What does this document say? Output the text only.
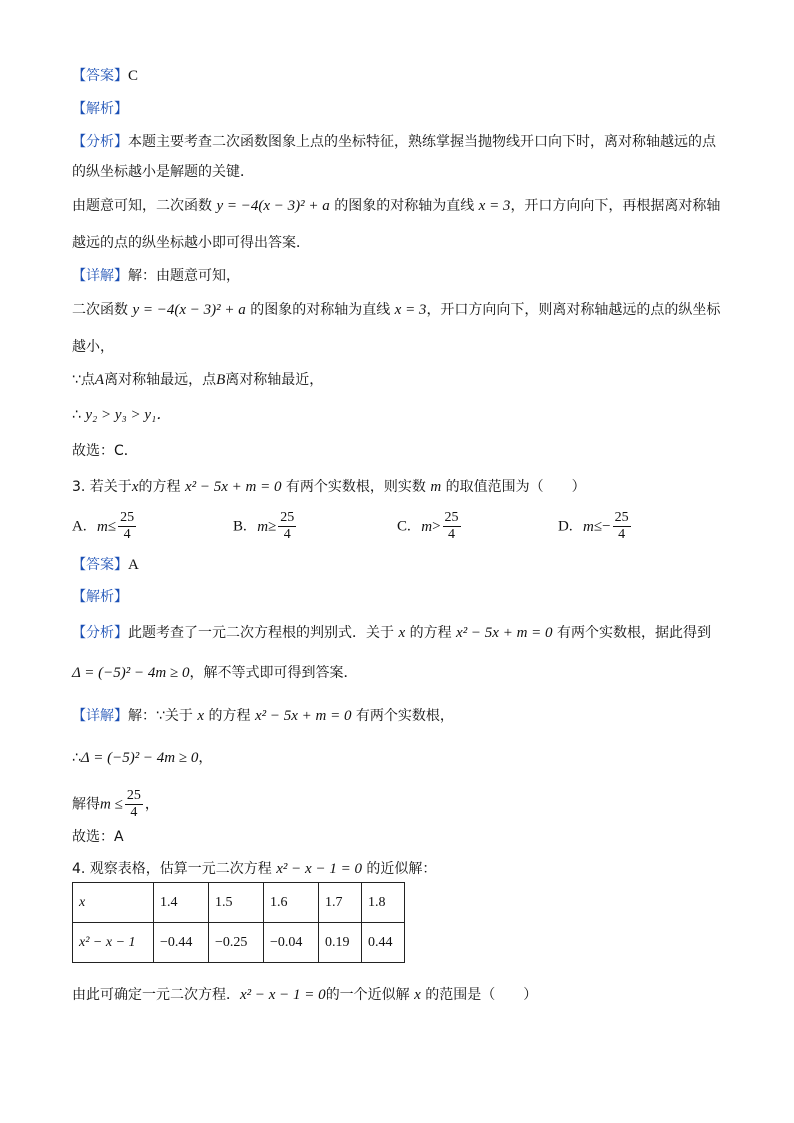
【答案】C
【解析】
【分析】本题主要考查二次函数图象上点的坐标特征，熟练掌握当抛物线开口向下时，离对称轴越远的点
的纵坐标越小是解题的关键．
由题意可知，二次函数 y = −4(x − 3)² + a 的图象的对称轴为直线 x = 3，开口方向向下，再根据离对称轴
越远的点的纵坐标越小即可得出答案．
【详解】解：由题意可知，
二次函数 y = −4(x − 3)² + a 的图象的对称轴为直线 x = 3，开口方向向下，则离对称轴越远的点的纵坐标
越小，
∵点A离对称轴最远，点B离对称轴最近，
∴ y₂ > y₃ > y₁．
故选：C．
3. 若关于x的方程 x² − 5x + m = 0 有两个实数根，则实数 m 的取值范围为（　　）
A. $m\le \frac{25}{4}$	B. $m\ge \frac{25}{4}$	C. $m> \frac{25}{4}$	D. $m\le- \frac{25}{4}$
【答案】A
【解析】
【分析】此题考查了一元二次方程根的判别式．关于 x 的方程 x² − 5x + m = 0 有两个实数根，据此得到
Δ = (−5)² − 4m ≥ 0，解不等式即可得到答案．
【详解】解：∵关于 x 的方程 x² − 5x + m = 0 有两个实数根，
∴Δ = (−5)² − 4m ≥ 0，
解得$m \le \frac{25}{4}$ ，
故选：A
4. 观察表格，估算一元二次方程 x² − x − 1 = 0 的近似解：
x	1.4	1.5	1.6	1.7	1.8
x² − x − 1	−0.44	−0.25	−0.04	0.19	0.44
由此可确定一元二次方程．x² − x − 1 = 0的一个近似解 x 的范围是（　　）
